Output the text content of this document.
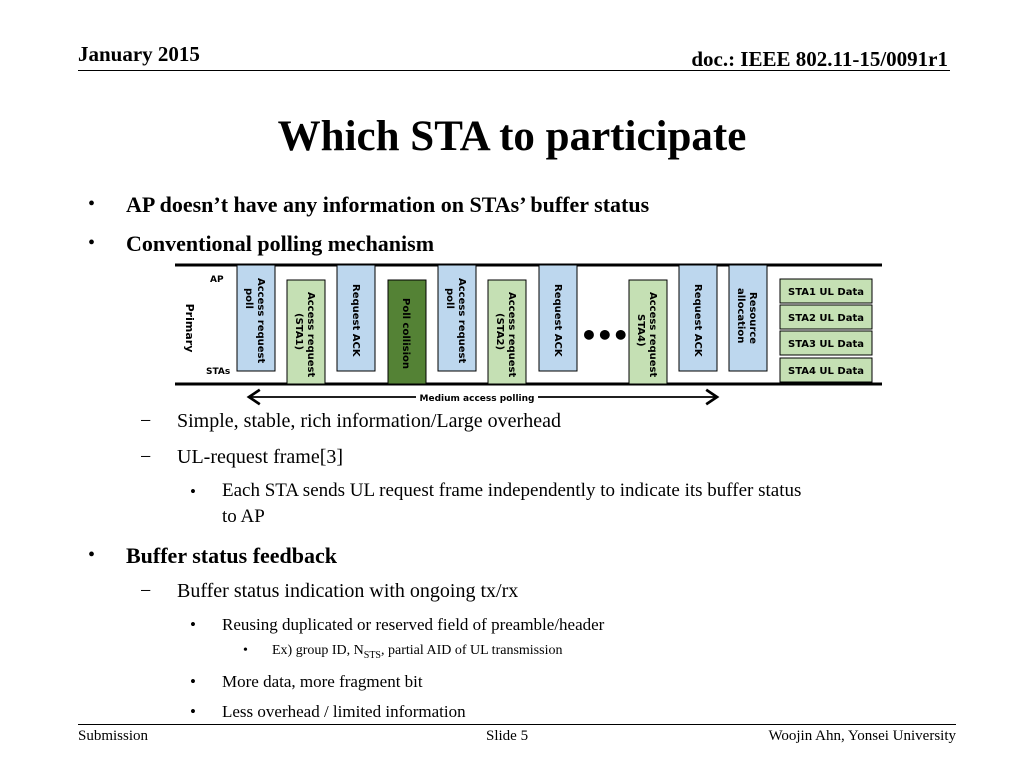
January 2015	doc.: IEEE 802.11-15/0091r1
Which STA to participate
• AP doesn’t have any information on STAs’ buffer status
• Conventional polling mechanism
Primary
AP
STAs
Access request
poll	Access request
(STA1)	Request ACK	Poll collision	Access request
poll	Access request
(STA2)	Request ACK ••• Access request
STA4)	Request ACK	Resource
allocation	STA1 UL Data
STA2 UL Data
STA3 UL Data
STA4 UL Data
Medium access polling
− Simple, stable, rich information/Large overhead
− UL-request frame[3]
• Each STA sends UL request frame independently to indicate its buffer status
to AP
• Buffer status feedback
− Buffer status indication with ongoing tx/rx
• Reusing duplicated or reserved field of preamble/header
• Ex) group ID, $N_{STS}$, partial AID of UL transmission
• More data, more fragment bit
• Less overhead / limited information
Submission	Slide 5	Woojin Ahn, Yonsei University
